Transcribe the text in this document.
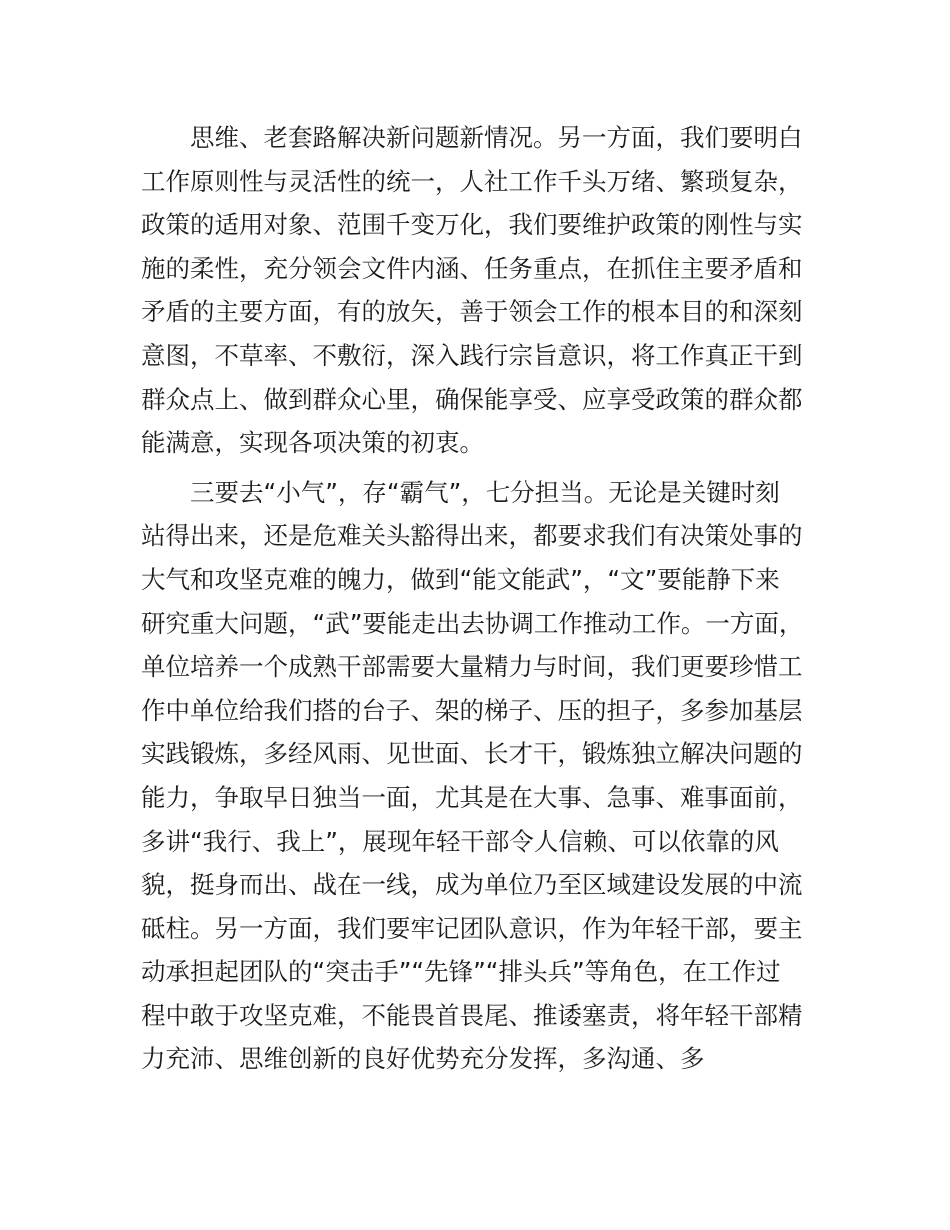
思维、老套路解决新问题新情况。另一方面，我们要明白
工作原则性与灵活性的统一，人社工作千头万绪、繁琐复杂，
政策的适用对象、范围千变万化，我们要维护政策的刚性与实
施的柔性，充分领会文件内涵、任务重点，在抓住主要矛盾和
矛盾的主要方面，有的放矢，善于领会工作的根本目的和深刻
意图，不草率、不敷衍，深入践行宗旨意识，将工作真正干到
群众点上、做到群众心里，确保能享受、应享受政策的群众都
能满意，实现各项决策的初衷。
三要去“小气”，存“霸气”，七分担当。无论是关键时刻
站得出来，还是危难关头豁得出来，都要求我们有决策处事的
大气和攻坚克难的魄力，做到“能文能武”，“文”要能静下来
研究重大问题，“武”要能走出去协调工作推动工作。一方面，
单位培养一个成熟干部需要大量精力与时间，我们更要珍惜工
作中单位给我们搭的台子、架的梯子、压的担子，多参加基层
实践锻炼，多经风雨、见世面、长才干，锻炼独立解决问题的
能力，争取早日独当一面，尤其是在大事、急事、难事面前，
多讲“我行、我上”，展现年轻干部令人信赖、可以依靠的风
貌，挺身而出、战在一线，成为单位乃至区域建设发展的中流
砥柱。另一方面，我们要牢记团队意识，作为年轻干部，要主
动承担起团队的“突击手”“先锋”“排头兵”等角色，在工作过
程中敢于攻坚克难，不能畏首畏尾、推诿塞责，将年轻干部精
力充沛、思维创新的良好优势充分发挥，多沟通、多
